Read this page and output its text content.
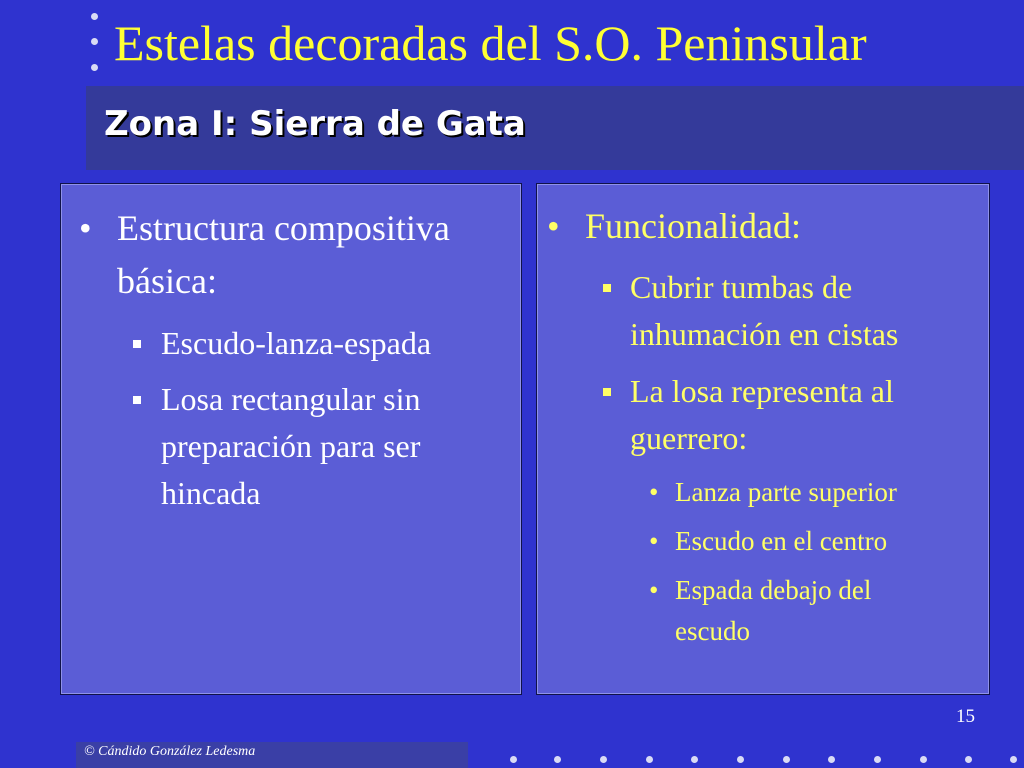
Estelas decoradas del S.O. Peninsular
Zona I: Sierra de Gata
• Estructura compositiva básica:
Escudo-lanza-espada
Losa rectangular sin preparación para ser hincada
• Funcionalidad:
Cubrir tumbas de inhumación en cistas
La losa representa al guerrero:
• Lanza parte superior
• Escudo en el centro
• Espada debajo del escudo
15
© Cándido González Ledesma
